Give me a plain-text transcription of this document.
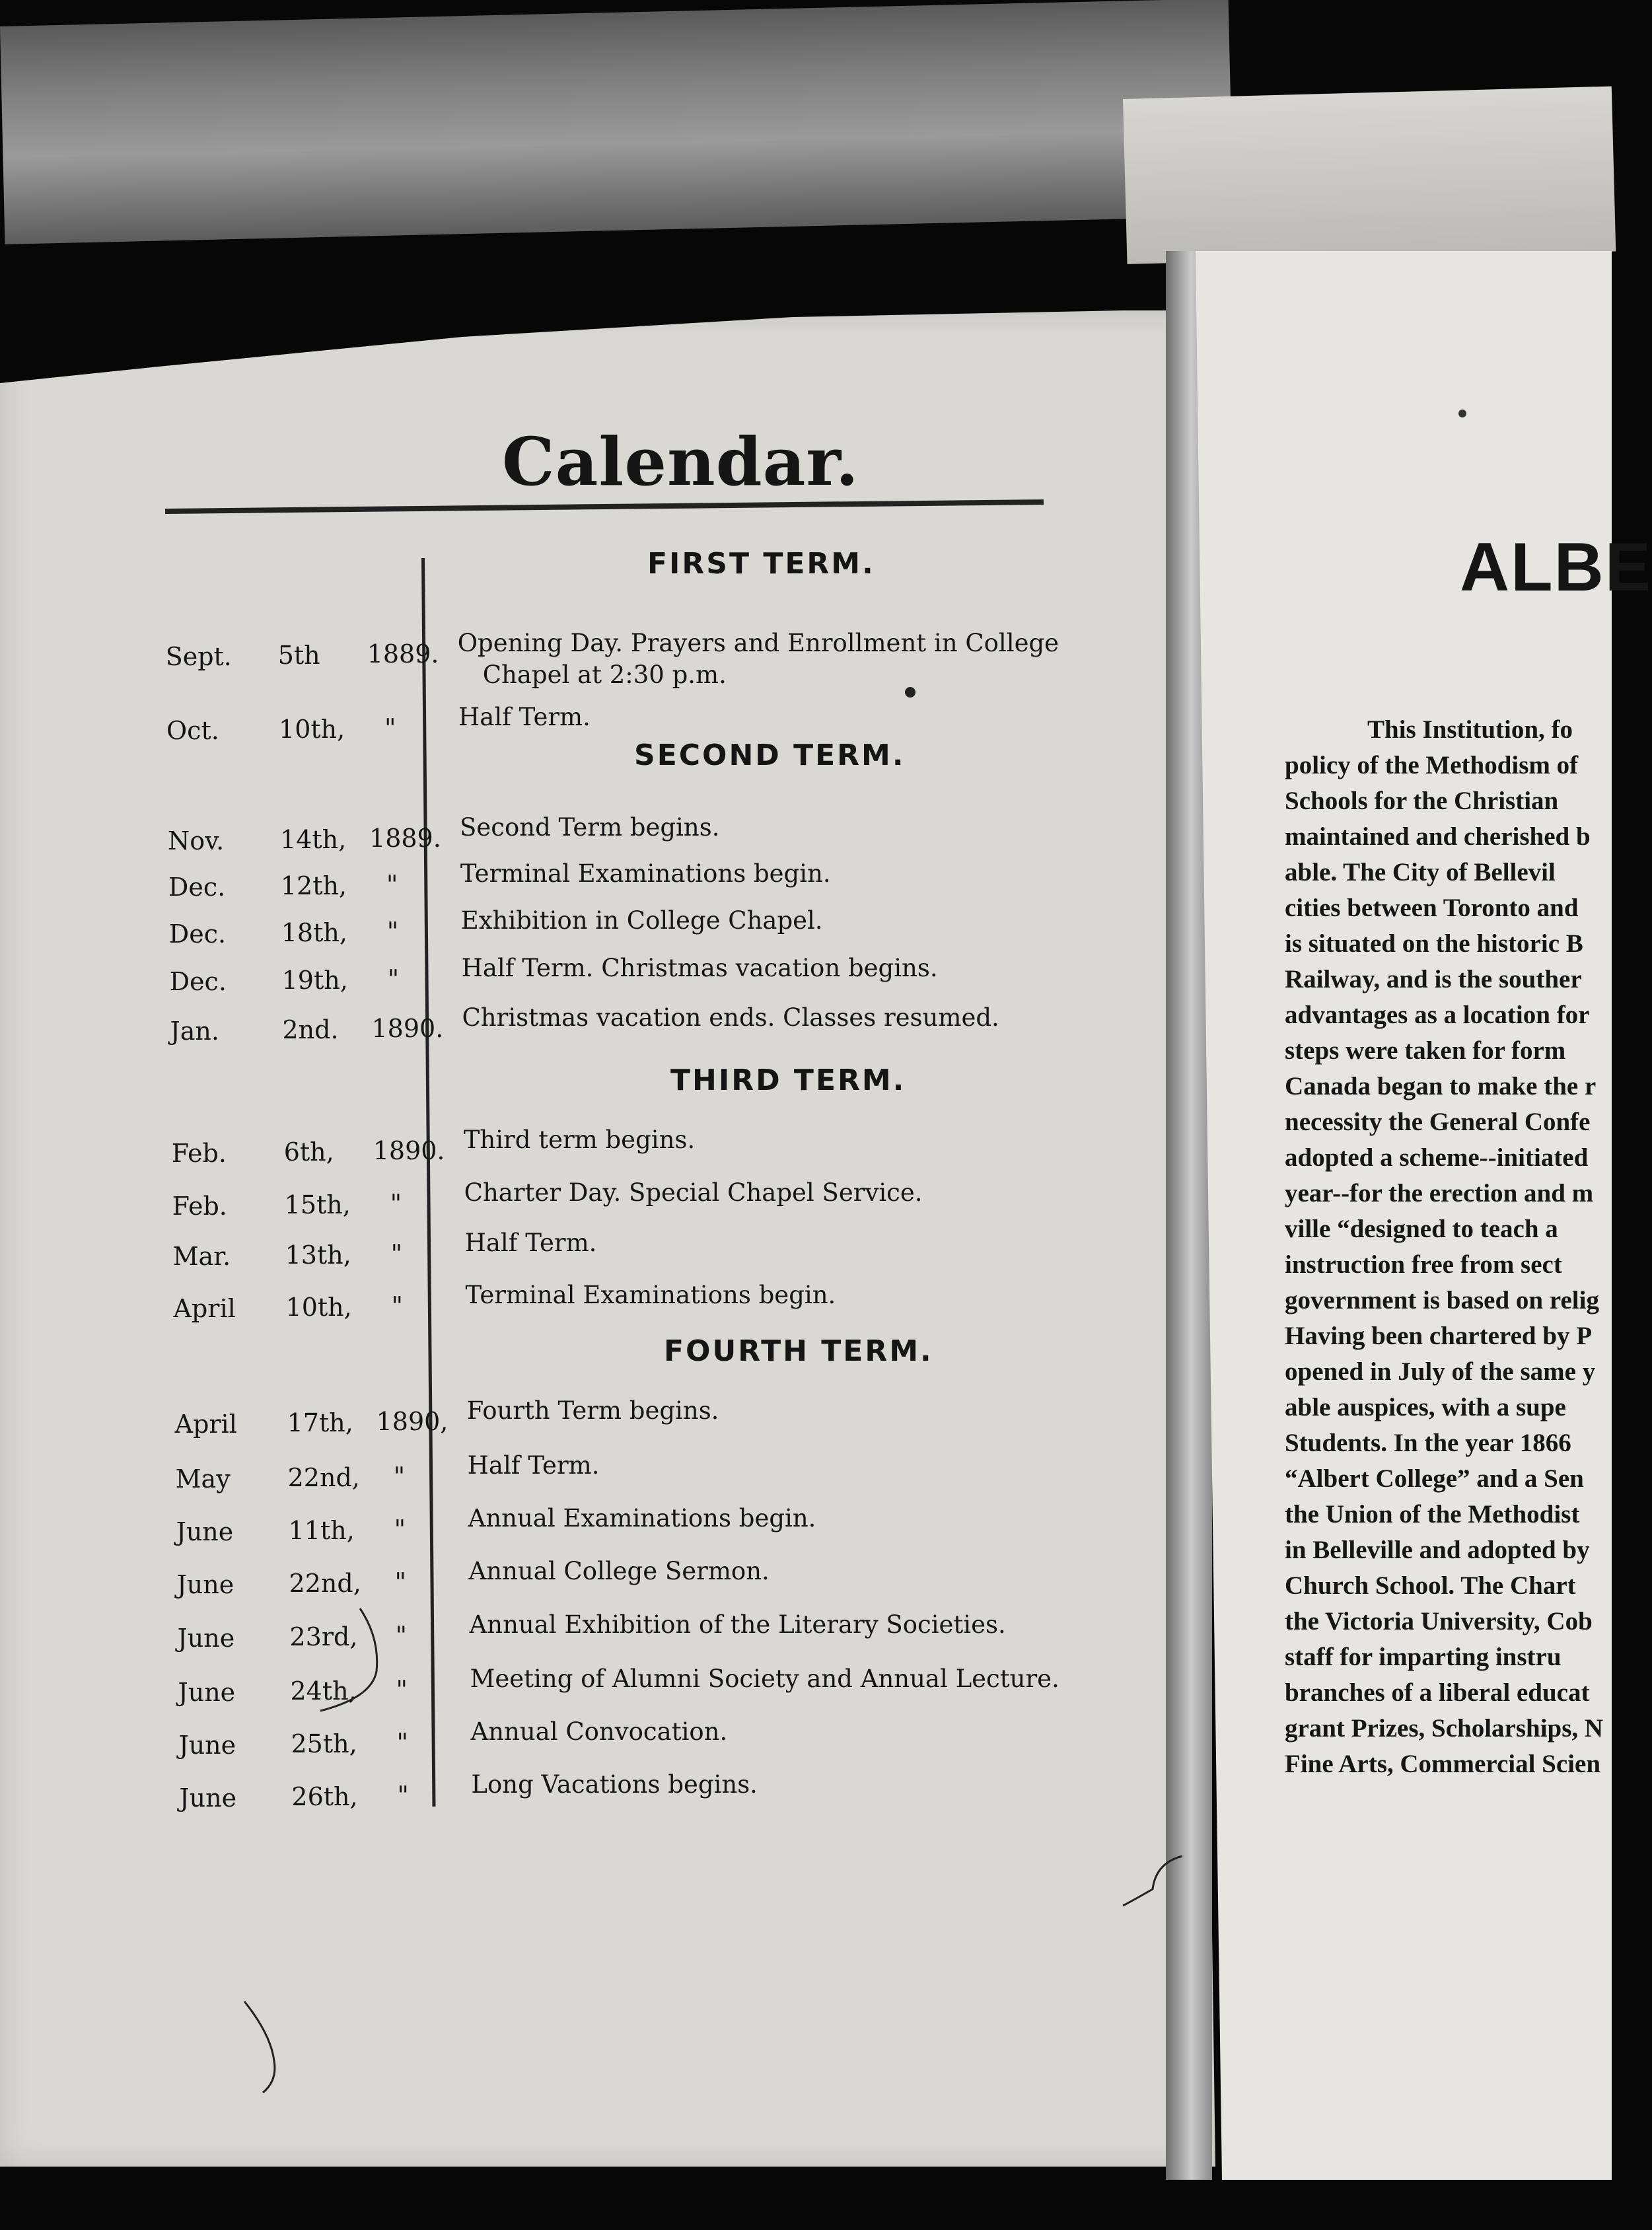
Calendar.
FIRST TERM.
Sept. 5th 1889. Opening Day. Prayers and Enrollment in College
Chapel at 2:30 p.m.
Oct. 10th, "	Half Term.
SECOND TERM.
Nov. 14th, 1889. Second Term begins.
Dec. 12th, "	Terminal Examinations begin.
Dec. 18th, "	Exhibition in College Chapel.
Dec. 19th, "	Half Term. Christmas vacation begins.
Jan.	2nd. 1890. Christmas vacation ends. Classes resumed.
THIRD TERM.
Feb. 6th, 1890. Third term begins.
Feb. 15th, "	Charter Day. Special Chapel Service.
Mar. 13th, "	Half Term.
April 10th, "	Terminal Examinations begin.
FOURTH TERM.
April 17th, 1890, Fourth Term begins.
May 22nd, "	Half Term.
June 11th, "	Annual Examinations begin.
June 22nd, "	Annual College Sermon.
June 23rd, "	Annual Exhibition of the Literary Societies.
June 24th, "	Meeting of Alumni Society and Annual Lecture.
June 25th, "	Annual Convocation.
June 26th, "	Long Vacations begins.
ALBE
This Institution, fo
policy of the Methodism of
Schools for the Christian
maintained and cherished b
able. The City of Bellevil
cities between Toronto and
is situated on the historic B
Railway, and is the souther
advantages as a location for
steps were taken for form
Canada began to make the r
necessity the General Confe
adopted a scheme--initiated
year--for the erection and m
ville “designed to teach a
instruction free from sect
government is based on relig
Having been chartered by P
opened in July of the same y
able auspices, with a supe
Students. In the year 1866
“Albert College” and a Sen
the Union of the Methodist
in Belleville and adopted by
Church School. The Chart
the Victoria University, Cob
staff for imparting instru
branches of a liberal educat
grant Prizes, Scholarships, N
Fine Arts, Commercial Scien
